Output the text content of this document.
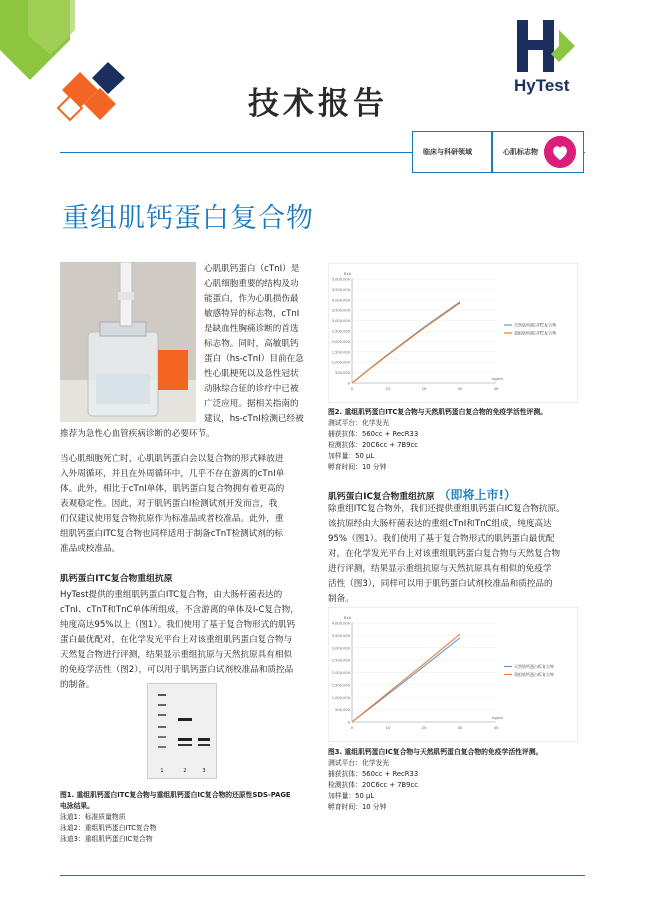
HyTest
技术报告
临床与科研领域	心肌标志物
重组肌钙蛋白复合物
心肌肌钙蛋白（cTnI）是
心肌细胞重要的结构及功
能蛋白，作为心肌损伤最
敏感特异的标志物，cTnI
是缺血性胸痛诊断的首选
标志物。同时，高敏肌钙
蛋白（hs-cTnI）目前在急
性心肌梗死以及急性冠状
动脉综合征的诊疗中已被
广泛应用。据相关指南的
建议，hs-cTnI检测已经被
推荐为急性心血管疾病诊断的必要环节。
当心肌细胞死亡时，心肌肌钙蛋白会以复合物的形式释放进
入外周循环，并且在外周循环中，几乎不存在游离的cTnI单
体。此外，相比于cTnI单体，肌钙蛋白复合物拥有着更高的
表观稳定性。因此，对于肌钙蛋白I检测试剂开发而言，我
们仅建议使用复合物抗原作为标准品或者校准品。此外，重
组肌钙蛋白ITC复合物也同样适用于制备cTnT检测试剂的标
准品或校准品。
肌钙蛋白ITC复合物重组抗原
HyTest提供的重组肌钙蛋白ITC复合物，由大肠杆菌表达的
cTnI、cTnT和TnC单体所组成，不含游离的单体及I-C复合物，
纯度高达95%以上（图1）。我们使用了基于复合物形式的肌钙
蛋白最优配对，在化学发光平台上对该重组肌钙蛋白复合物与
天然复合物进行评测，结果显示重组抗原与天然抗原具有相似
的免疫学活性（图2），可以用于肌钙蛋白试剂校准品和质控品
的制备。
1	2	3
图1. 重组肌钙蛋白ITC复合物与重组肌钙蛋白IC复合物的还原性SDS-PAGE
电泳结果。
泳道1：标准质量物质
泳道2：重组肌钙蛋白ITC复合物
泳道3：重组肌钙蛋白IC复合物
0
500,000
1,000,000
1,500,000
2,000,000
2,500,000
3,000,000
3,500,000
4,000,000
4,500,000
5,000,000
0	10	20	30	40
RLU
ng/ml
天然肌钙蛋白ITC复合物
重组肌钙蛋白ITC复合物
图2. 重组肌钙蛋白ITC复合物与天然肌钙蛋白复合物的免疫学活性评测。
测试平台：化学发光
捕获抗体：560cc + RecR33
检测抗体：20C6cc + 7B9cc
加样量：50 μL
孵育时间：10 分钟
肌钙蛋白IC复合物重组抗原 （即将上市!）
除重组ITC复合物外，我们还提供重组肌钙蛋白IC复合物抗原。
该抗原经由大肠杆菌表达的重组cTnI和TnC组成，纯度高达
95%（图1）。我们使用了基于复合物形式的肌钙蛋白最优配
对，在化学发光平台上对该重组肌钙蛋白复合物与天然复合物
进行评测，结果显示重组抗原与天然抗原具有相似的免疫学
活性（图3），同样可以用于肌钙蛋白试剂校准品和质控品的
制备。
0
500,000
1,000,000
1,500,000
2,000,000
2,500,000
3,000,000
3,500,000
4,000,000
0	10	20	30	40
RLU
ng/ml
天然肌钙蛋白IC复合物
重组肌钙蛋白IC复合物
图3. 重组肌钙蛋白IC复合物与天然肌钙蛋白复合物的免疫学活性评测。
测试平台：化学发光
捕获抗体：560cc + RecR33
检测抗体：20C6cc + 7B9cc
加样量：50 μL
孵育时间：10 分钟
